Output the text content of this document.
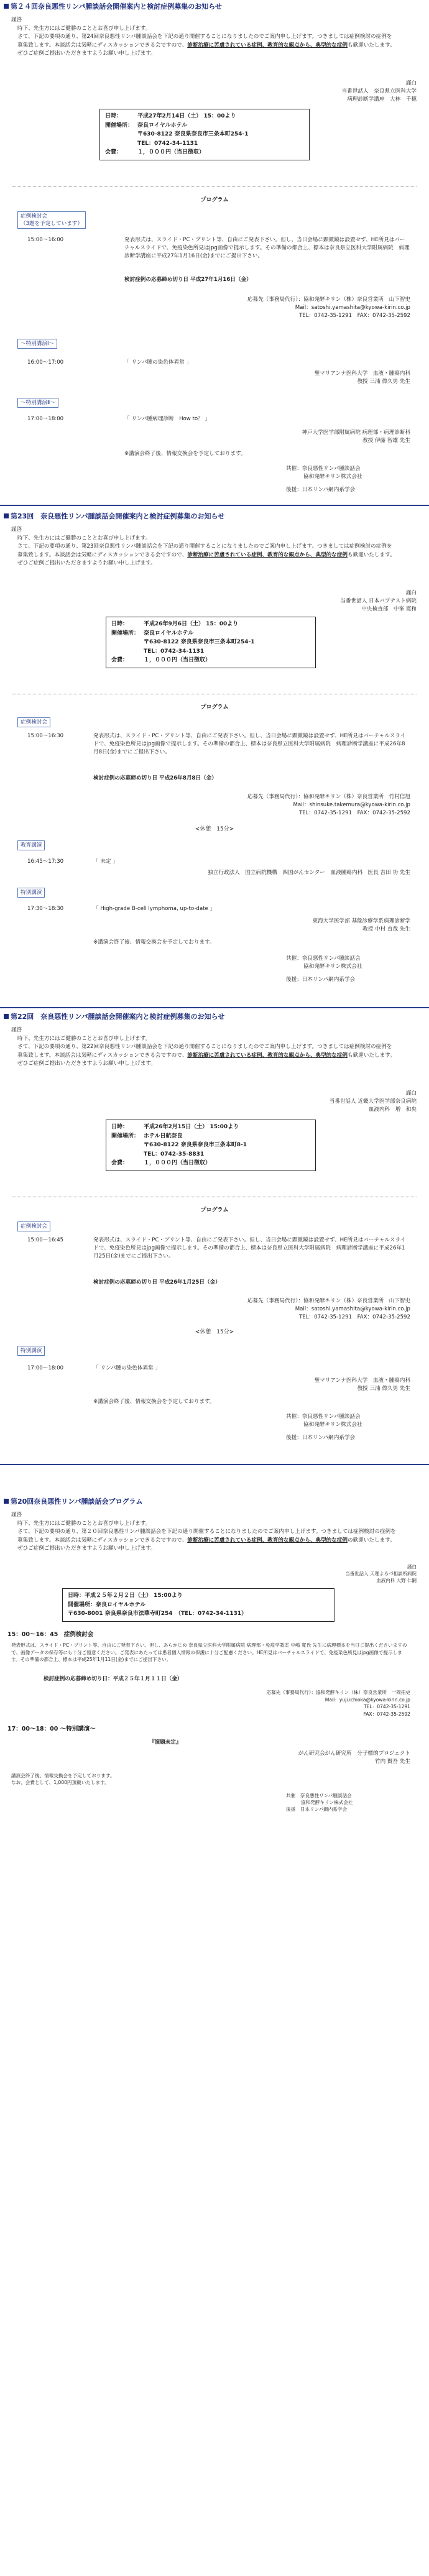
第２４回奈良悪性リンパ腫談話会開催案内と検討症例募集のお知らせ

謹啓

時下、先生方にはご健勝のこととお喜び申し上げます。

さて、下記の要項の通り、第24回奈良悪性リンパ腫談話会を下記の通り開催することになりましたのでご案内申し上げます。つきましては症例検討の症例を募集致します。本談話会は気軽にディスカッションできる会ですので、診断治療に苦慮されている症例、教育的な観点から、典型的な症例も歓迎いたします。ぜひご症例ご提出いただきますようお願い申し上げます。

謹白
当番世話人　奈良県立医科大学
病理診断学講座　大林　千穂
日時：	平成27年2月14日（土） 15：00より
開催場所： 奈良ロイヤルホテル
〒630-8122 奈良県奈良市三条本町254-1
TEL：0742-34-1131
会費：	１，０００円（当日徴収）
プログラム
症例検討会
（3題を予定しています）
15:00〜16:00	発表形式は、スライド・PC・プリント等、自由にご発表下さい。但し、当日会場に顕微鏡は設置せず、HE所見はバーチャルスライドで、免疫染色所見はjpg画像で提示します。その準備の都合上、標本は奈良県立医科大学附属病院　病理診断学講座に平成27年1月16日(金)までにご提出下さい。
検討症例の応募締め切り日 平成27年1月16日（金）
応募先（事務局代行）：協和発酵キリン（株）奈良営業所　山下智史
Mail：satoshi.yamashita@kyowa-kirin.co.jp
TEL：0742-35-1291　FAX：0742-35-2592
〜特別講演Ⅰ〜
16:00〜17:00	「 リンパ腫の染色体異常 」
聖マリアンナ医科大学　血液・腫瘍内科
教授 三浦 偉久男 先生
〜特別講演Ⅱ〜
17:00〜18:00	「 リンパ腫病理診断　How to？ 」
神戸大学医学部附属病院 病理部・病理診断科
教授 伊藤 智雄 先生
※講演会終了後、情報交換会を予定しております。
共催：奈良悪性リンパ腫談話会
協和発酵キリン株式会社
後援：日本リンパ網内系学会
第23回　奈良悪性リンパ腫談話会開催案内と検討症例募集のお知らせ

謹啓

時下、先生方にはご健勝のこととお喜び申し上げます。

さて、下記の要項の通り、第23回奈良悪性リンパ腫談話会を下記の通り開催することになりましたのでご案内申し上げます。つきましては症例検討の症例を募集致します。本談話会は気軽にディスカッションできる会ですので、診断治療に苦慮されている症例、教育的な観点から、典型的な症例も歓迎いたします。ぜひご症例ご提出いただきますようお願い申し上げます。

謹白
当番世話人 日本バプテスト病院
中央検査部　中峯 寛和
日時：	平成26年9月6日（土） 15：00より
開催場所： 奈良ロイヤルホテル
〒630-8122 奈良県奈良市三条本町254-1
TEL：0742-34-1131
会費：	１，０００円（当日徴収）
プログラム
症例検討会
15:00〜16:30	発表形式は、スライド・PC・プリント等、自由にご発表下さい。但し、当日会場に顕微鏡は設置せず、HE所見はバーチャルスライドで、免疫染色所見はjpg画像で提示します。その準備の都合上、標本は奈良県立医科大学附属病院　病理診断学講座に平成26年8月8日(金)までにご提出下さい。
検討症例の応募締め切り日 平成26年8月8日（金）
応募先（事務局代行）：協和発酵キリン（株）奈良営業所　竹村信旭
Mail：shinsuke.takemura@kyowa-kirin.co.jp
TEL：0742-35-1291　FAX：0742-35-2592
<休憩　15分>
教育講演
16:45〜17:30	「 未定 」
独立行政法人　国立病院機構　四国がんセンター　血液腫瘍内科　医長 吉田 功 先生
特別講演
17:30〜18:30	「 High-grade B-cell lymphoma, up-to-date 」
東海大学医学部 基盤診療学系病理診断学
教授 中村 直哉 先生
※講演会終了後、情報交換会を予定しております。
共催：奈良悪性リンパ腫談話会
協和発酵キリン株式会社
後援：日本リンパ網内系学会
第22回　奈良悪性リンパ腫談話会開催案内と検討症例募集のお知らせ

謹啓

時下、先生方にはご健勝のこととお喜び申し上げます。

さて、下記の要項の通り、第22回奈良悪性リンパ腫談話会を下記の通り開催することになりましたのでご案内申し上げます。つきましては症例検討の症例を募集致します。本談話会は気軽にディスカッションできる会ですので、診断治療に苦慮されている症例、教育的な観点から、典型的な症例も歓迎いたします。ぜひご症例ご提出いただきますようお願い申し上げます。

謹白
当番世話人 近畿大学医学部奈良病院
血液内科　増　和央
日時：	平成26年2月15日（土） 15:00より
開催場所： ホテル日航奈良
〒630-8122 奈良県奈良市三条本町8-1
TEL：0742-35-8831
会費：	１，０００円（当日徴収）
プログラム
症例検討会
15:00〜16:45	発表形式は、スライド・PC・プリント等、自由にご発表下さい。但し、当日会場に顕微鏡は設置せず、HE所見はバーチャルスライドで、免疫染色所見はjpg画像で提示します。その準備の都合上、標本は奈良県立医科大学附属病院　病理診断学講座に平成26年1月25日(金)までにご提出下さい。
検討症例の応募締め切り日 平成26年1月25日（金）
応募先（事務局代行）：協和発酵キリン（株）奈良営業所　山下智史
Mail：satoshi.yamashita@kyowa-kirin.co.jp
TEL：0742-35-1291　FAX：0742-35-2592
<休憩　15分>
特別講演
17:00〜18:00	「 リンパ腫の染色体異常 」
聖マリアンナ医科大学　血液・腫瘍内科
教授 三浦 偉久男 先生
※講演会終了後、情報交換会を予定しております。
共催：奈良悪性リンパ腫談話会
協和発酵キリン株式会社
後援：日本リンパ網内系学会
第20回奈良悪性リンパ腫談話会プログラム

謹啓

時下、先生方にはご健勝のこととお喜び申し上げます。

さて、下記の要項の通り、第２０回奈良悪性リンパ腫談話会を下記の通り開催することになりましたのでご案内申し上げます。つきましては症例検討の症例を募集致します。本談話会は気軽にディスカッションできる会ですので、診断治療に苦慮されている症例、教育的な観点から、典型的な症例の歓迎いたします。ぜひご症例ご提出いただきますようお願い申し上げます。

謹白
当番世話人 天理よろづ相談所病院
血液内科 大野 仁嗣
日時：平成２５年２月２日（土） 15:00より
開催場所：奈良ロイヤルホテル
〒630-8001 奈良県奈良市法華寺町254　（TEL：0742-34-1131）
15：00〜16：45　症例検討会
発表形式は、スライド・PC・プリント等、自由にご発表下さい。但し、あらかじめ 奈良県立医科大学附属病院 病理部・免疫学教室 中嶋 寛氏 先生に病理標本を当日ご提出くださいますので、画像データの保存等にも十分ご留意ください。ご発表にあたっては患者個人情報の保護に十分ご配慮ください。HE所見はバーチャルスライドで、免疫染色所見はjpg画像で提示します。その準備の都合上、標本は平成25年1月11日(金)までにご提出下さい。
検討症例の応募締め切り日：平成２５年１月１１日（金）
応募先（事務局代行）：協和発酵キリン（株）奈良営業所　一岡拓史
Mail：yuji.ichioka@kyowa-kirin.co.jp
TEL：0742-35-1291
FAX：0742-35-2592
17：00〜18：00 〜特別講演〜
『演題未定』
がん研究会がん研究所　分子標的プロジェクト
竹内 賢吾 先生
講演会終了後、情報交換会を予定しております。
なお、会費として、1,000円頂戴いたします。
共催　奈良悪性リンパ腫談話会
協和発酵キリン株式会社
後援　日本リンパ網内系学会
